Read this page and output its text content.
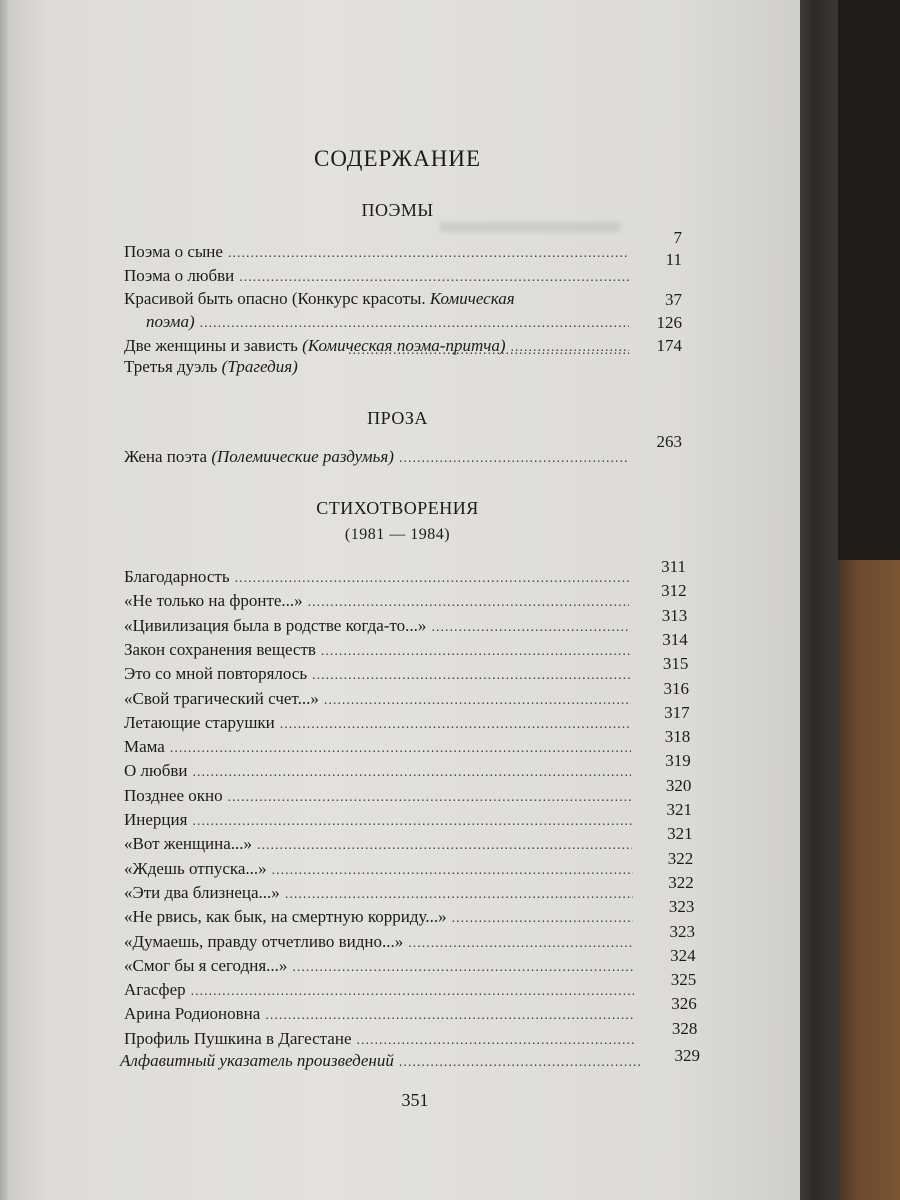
СОДЕРЖАНИЕ
ПОЭМЫ
Поэма о сыне
.....
7
Поэма о любви
.....
11
Красивой быть опасно (Конкурс красоты. Комическая
поэма)
.....
37
Две женщины и зависть (Комическая поэма-притча)
.....
126
Третья дуэль (Трагедия)
174
.....
ПРОЗА
Жена поэта (Полемические раздумья)
.....
263
СТИХОТВОРЕНИЯ
(1981 — 1984)
Благодарность
.....
311
«Не только на фронте...»
.....
312
«Цивилизация была в родстве когда-то...»
.....
313
Закон сохранения веществ
.....
314
Это со мной повторялось
.....
315
«Свой трагический счет...»
.....
316
Летающие старушки
.....
317
Мама
.....
318
О любви
.....
319
Позднее окно
.....
320
Инерция
.....
321
«Вот женщина...»
.....
321
«Ждешь отпуска...»
.....
322
«Эти два близнеца...»
.....
322
«Не рвись, как бык, на смертную корриду...»
.....
323
«Думаешь, правду отчетливо видно...»
.....
323
«Смог бы я сегодня...»
.....
324
Агасфер
.....
325
Арина Родионовна
.....
326
Профиль Пушкина в Дагестане
.....
328
Алфавитный указатель произведений
.....	329
351
